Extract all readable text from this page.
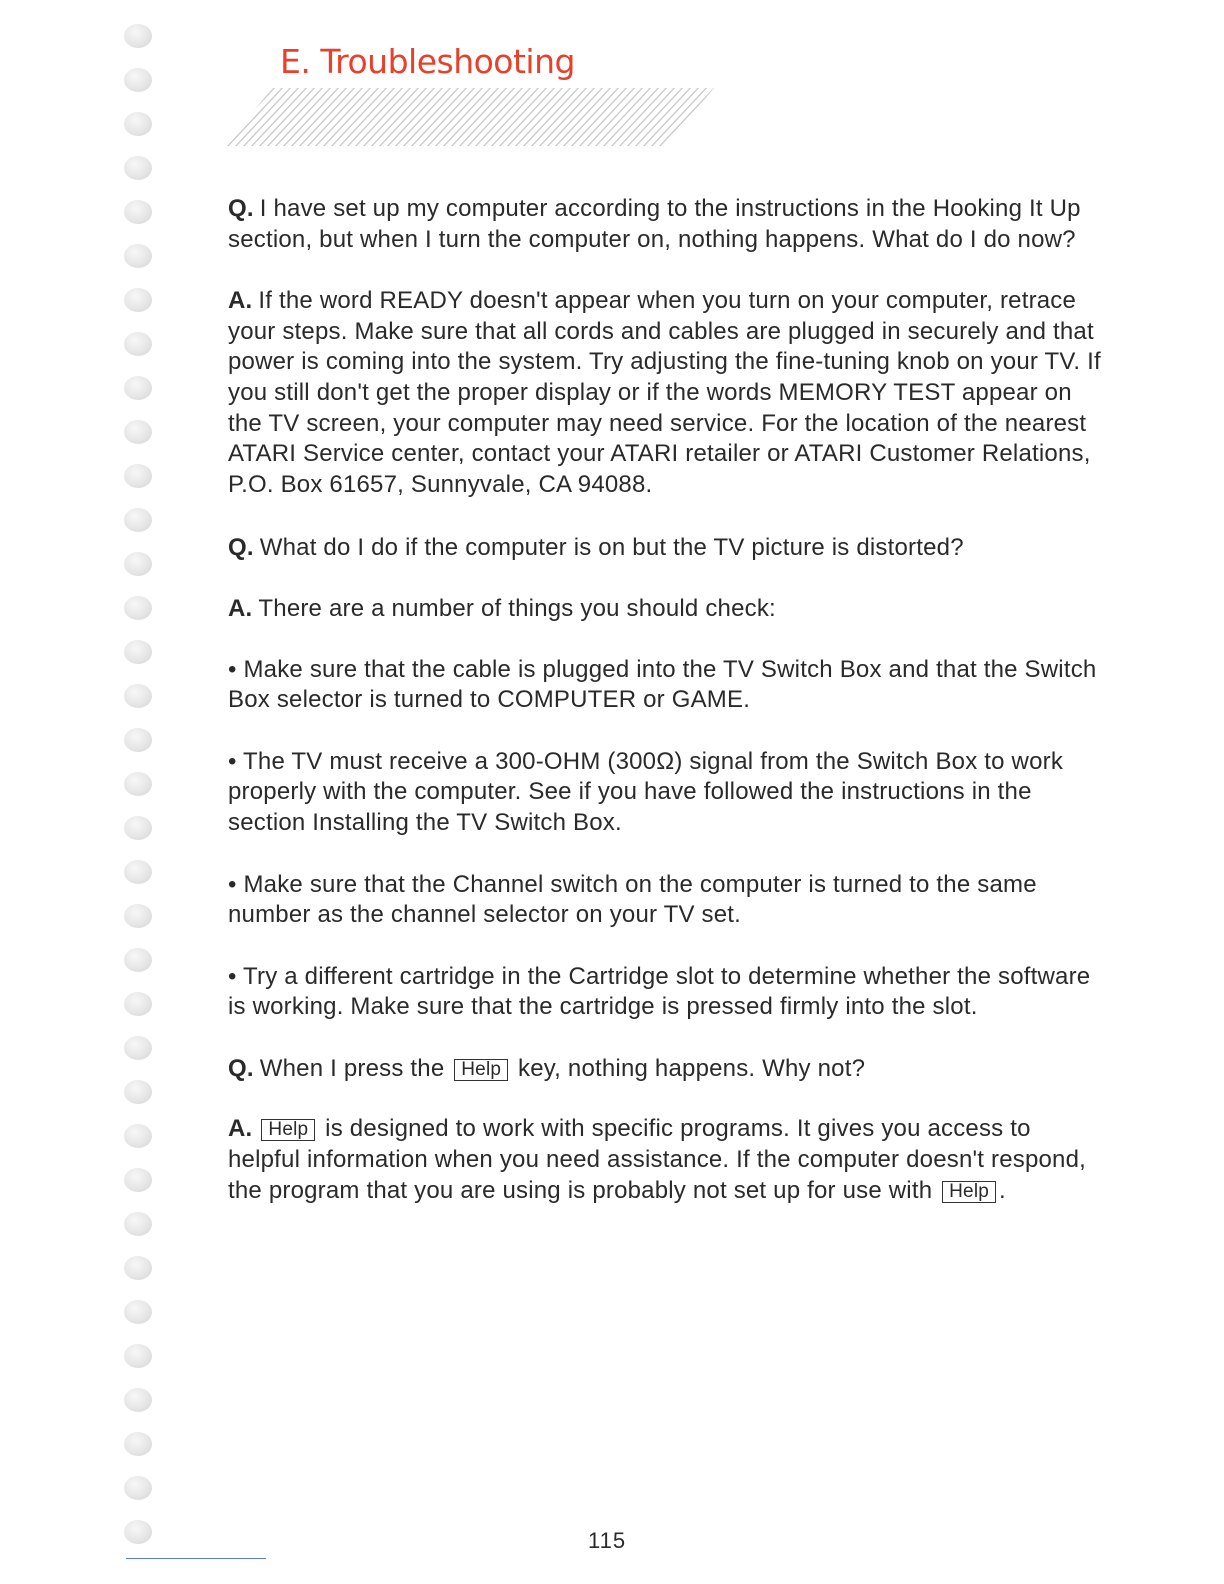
E. Troubleshooting

Q. I have set up my computer according to the instructions in the Hooking It Up section, but when I turn the computer on, nothing happens. What do I do now?

A. If the word READY doesn't appear when you turn on your computer, retrace your steps. Make sure that all cords and cables are plugged in securely and that power is coming into the system. Try adjusting the fine-tuning knob on your TV. If you still don't get the proper display or if the words MEMORY TEST appear on the TV screen, your computer may need service. For the location of the nearest ATARI Service center, contact your ATARI retailer or ATARI Customer Relations, P.O. Box 61657, Sunnyvale, CA 94088.

Q. What do I do if the computer is on but the TV picture is distorted?

A. There are a number of things you should check:

• Make sure that the cable is plugged into the TV Switch Box and that the Switch Box selector is turned to COMPUTER or GAME.

• The TV must receive a 300-OHM (300Ω) signal from the Switch Box to work properly with the computer. See if you have followed the instructions in the section Installing the TV Switch Box.

• Make sure that the Channel switch on the computer is turned to the same number as the channel selector on your TV set.

• Try a different cartridge in the Cartridge slot to determine whether the software is working. Make sure that the cartridge is pressed firmly into the slot.

Q. When I press the Help key, nothing happens. Why not?

A. Help is designed to work with specific programs. It gives you access to helpful information when you need assistance. If the computer doesn't respond, the program that you are using is probably not set up for use with Help .

115
